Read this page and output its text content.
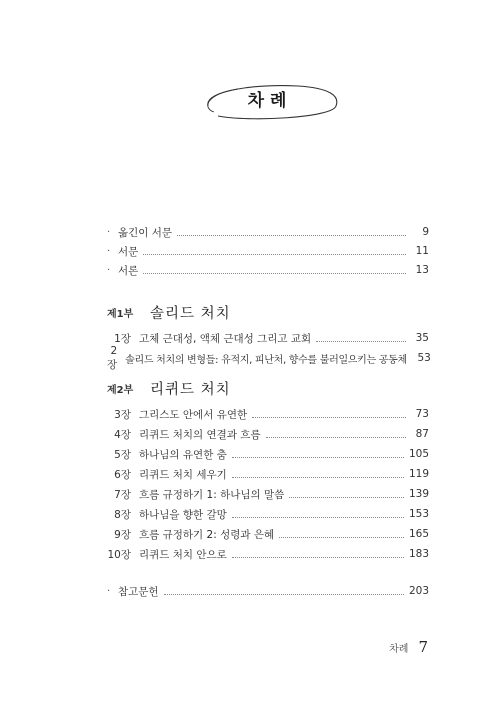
차례
· 옮긴이 서문	9
· 서문	11
· 서론	13
제1부	솔리드 처치
1장 고체 근대성, 액체 근대성 그리고 교회	35
2장 솔리드 처치의 변형들: 유적지, 피난처, 향수를 불러일으키는 공동체	53
제2부	리퀴드 처치
3장 그리스도 안에서 유연한	73
4장 리퀴드 처치의 연결과 흐름	87
5장 하나님의 유연한 춤	105
6장 리퀴드 처치 세우기	119
7장 흐름 규정하기 1: 하나님의 말씀	139
8장 하나님을 향한 갈망	153
9장 흐름 규정하기 2: 성령과 은혜	165
10장 리퀴드 처치 안으로	183
· 참고문헌	203
차례 7
